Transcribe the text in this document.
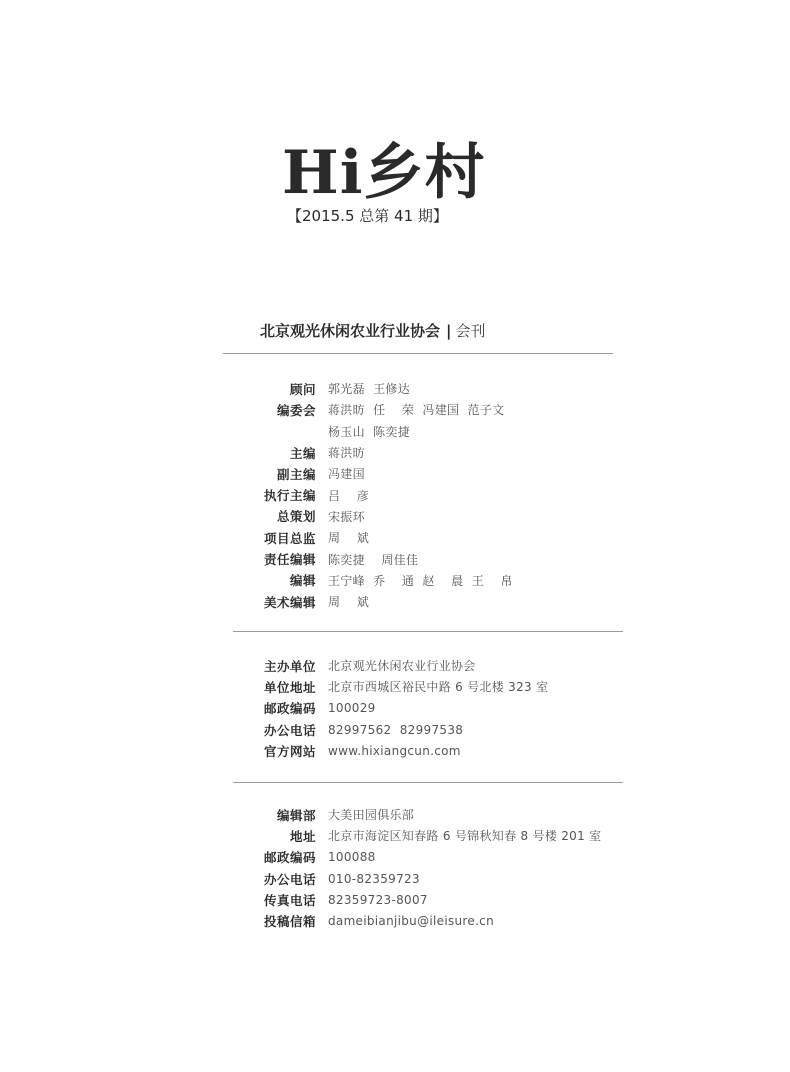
Hi乡村
【2015.5 总第 41 期】
北京观光休闲农业行业协会 | 会刊
顾问 郭光磊  王修达
编委会 蒋洪昉  任    荣  冯建国  范子文
杨玉山  陈奕捷
主编 蒋洪昉
副主编 冯建国
执行主编 吕    彦
总策划 宋振环
项目总监 周    斌
责任编辑 陈奕捷    周佳佳
编辑 王宁峰  乔    通  赵    晨  王    帛
美术编辑 周    斌
主办单位 北京观光休闲农业行业协会
单位地址 北京市西城区裕民中路 6 号北楼 323 室
邮政编码 100029
办公电话 82997562  82997538
官方网站 www.hixiangcun.com
编辑部 大美田园俱乐部
地址 北京市海淀区知春路 6 号锦秋知春 8 号楼 201 室
邮政编码 100088
办公电话 010-82359723
传真电话 82359723-8007
投稿信箱 dameibianjibu@ileisure.cn
